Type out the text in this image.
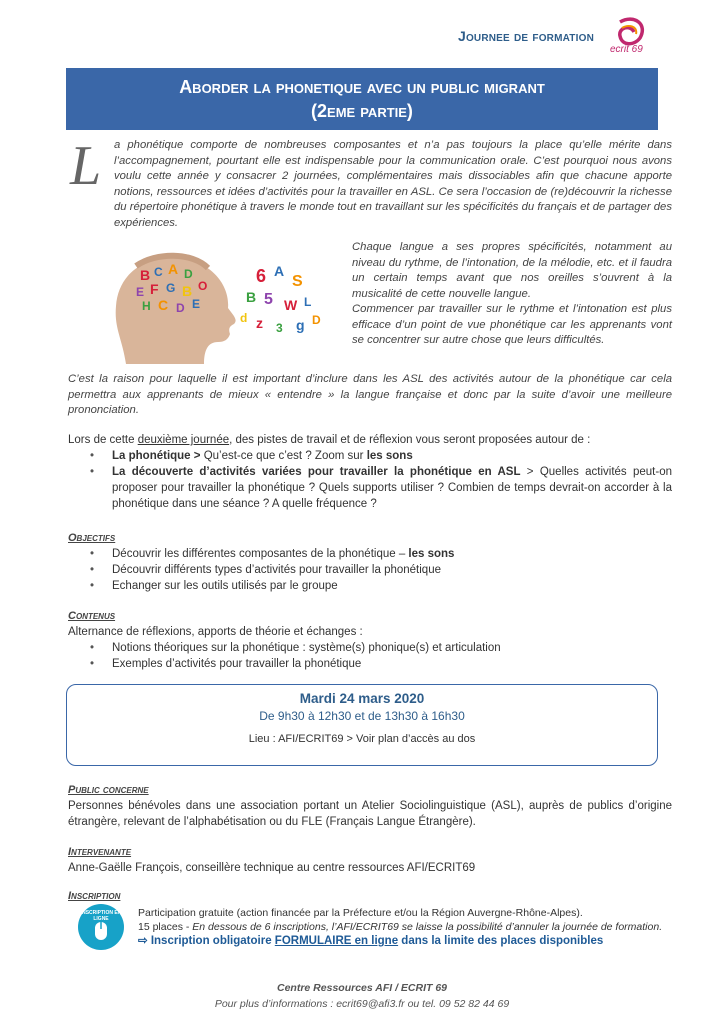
Journee de formation
ecrit 69
Aborder la phonetique avec un public migrant
(2eme partie)
L	a phonétique comporte de nombreuses composantes et n’a pas toujours la place qu’elle mérite dans l’accompagnement, pourtant elle est indispensable pour la communication orale. C’est pourquoi nous avons voulu cette année y consacrer 2 journées, complémentaires mais dissociables afin que chacune apporte notions, ressources et idées d’activités pour la travailler en ASL. Ce sera l’occasion de (re)découvrir la richesse du répertoire phonétique à travers le monde tout en travaillant sur les spécificités du français et de partager des expériences.

B C A D
E F G B O
H C D E
6 A
S
B 5 W L
d z 3 g D

Chaque langue a ses propres spécificités, notamment au niveau du rythme, de l’intonation, de la mélodie, etc. et il faudra un certain temps avant que nos oreilles s’ouvrent à la musicalité de cette nouvelle langue.

Commencer par travailler sur le rythme et l’intonation est plus efficace d’un point de vue phonétique car les apprenants vont se concentrer sur autre chose que leurs difficultés.

C’est la raison pour laquelle il est important d’inclure dans les ASL des activités autour de la phonétique car cela permettra aux apprenants de mieux « entendre » la langue française et donc par la suite d’avoir une meilleure prononciation.
Lors de cette deuxième journée, des pistes de travail et de réflexion vous seront proposées autour de :
• La phonétique > Qu’est-ce que c’est ? Zoom sur les sons
• La découverte d’activités variées pour travailler la phonétique en ASL > Quelles activités peut-on proposer pour travailler la phonétique ? Quels supports utiliser ? Combien de temps devrait-on accorder à la phonétique dans une séance ? A quelle fréquence ?
Objectifs
• Découvrir les différentes composantes de la phonétique – les sons
• Découvrir différents types d’activités pour travailler la phonétique
• Echanger sur les outils utilisés par le groupe
Contenus
Alternance de réflexions, apports de théorie et échanges :
• Notions théoriques sur la phonétique : système(s) phonique(s) et articulation
• Exemples d’activités pour travailler la phonétique
Mardi 24 mars 2020
De 9h30 à 12h30 et de 13h30 à 16h30
Lieu : AFI/ECRIT69 > Voir plan d’accès au dos
Public concerne
Personnes bénévoles dans une association portant un Atelier Sociolinguistique (ASL), auprès de publics d’origine étrangère, relevant de l’alphabétisation ou du FLE (Français Langue Étrangère).
Intervenante
Anne-Gaëlle François, conseillère technique au centre ressources AFI/ECRIT69
Inscription
INSCRIPTION EN LIGNE	Participation gratuite (action financée par la Préfecture et/ou la Région Auvergne-Rhône-Alpes).
15 places - En dessous de 6 inscriptions, l’AFI/ECRIT69 se laisse la possibilité d’annuler la journée de formation.
⇨ Inscription obligatoire FORMULAIRE en ligne dans la limite des places disponibles
Centre Ressources AFI / ECRIT 69
Pour plus d’informations : ecrit69@afi3.fr ou tel. 09 52 82 44 69
